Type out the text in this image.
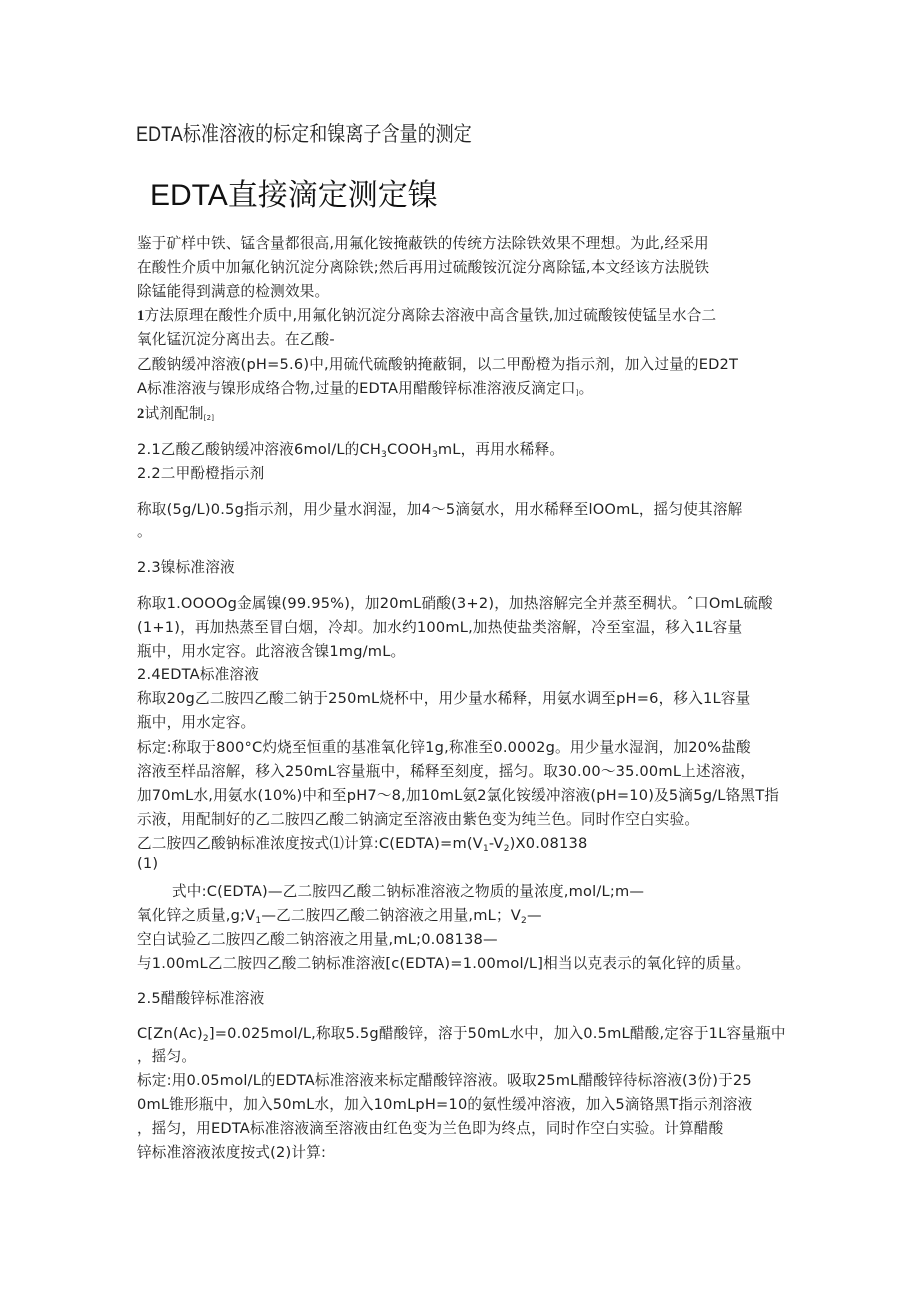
EDTA标准溶液的标定和镍离子含量的测定
EDTA直接滴定测定镍
鉴于矿样中铁、锰含量都很高,用氟化铵掩蔽铁的传统方法除铁效果不理想。为此,经采用
在酸性介质中加氟化钠沉淀分离除铁;然后再用过硫酸铵沉淀分离除锰,本文经该方法脱铁
除锰能得到满意的检测效果。
1方法原理在酸性介质中,用氟化钠沉淀分离除去溶液中高含量铁,加过硫酸铵使锰呈水合二
氧化锰沉淀分离出去。在乙酸-
乙酸钠缓冲溶液(pH=5.6)中,用硫代硫酸钠掩蔽铜，以二甲酚橙为指示剂，加入过量的ED2T
A标准溶液与镍形成络合物,过量的EDTA用醋酸锌标准溶液反滴定口]。
2试剂配制[2]
2.1乙酸乙酸钠缓冲溶液6mol/L的$CH_3COOH_3mL$，再用水稀释。
2.2二甲酚橙指示剂
称取(5g/L)0.5g指示剂，用少量水润湿，加4～5滴氨水，用水稀释至lOOmL，摇匀使其溶解
。
2.3镍标准溶液
称取1.OOOOg金属镍(99.95%)，加20mL硝酸(3+2)，加热溶解完全并蒸至稠状。ˆ口OmL硫酸
(1+1)，再加热蒸至冒白烟，冷却。加水约100mL,加热使盐类溶解，冷至室温，移入1L容量
瓶中，用水定容。此溶液含镍1mg/mL。
2.4EDTA标准溶液
称取20g乙二胺四乙酸二钠于250mL烧杯中，用少量水稀释，用氨水调至pH=6，移入1L容量
瓶中，用水定容。
标定:称取于800°C灼烧至恒重的基准氧化锌1g,称准至0.0002g。用少量水湿润，加20%盐酸
溶液至样品溶解，移入250mL容量瓶中，稀释至刻度，摇匀。取30.00～35.00mL上述溶液，
加70mL水,用氨水(10%)中和至pH7～8,加10mL氨2氯化铵缓冲溶液(pH=10)及5滴5g/L铬黑T指
示液，用配制好的乙二胺四乙酸二钠滴定至溶液由紫色变为纯兰色。同时作空白实验。
乙二胺四乙酸钠标准浓度按式⑴计算$:C(EDTA)=m(V_1-V_2)X0.08138$
(1)
式中:C(EDTA)—乙二胺四乙酸二钠标准溶液之物质的量浓度,mol/L;m—
氧化锌之质量$,g;V_1—$乙二胺四乙酸二钠溶液之用量,mL；$V_2—$
空白试验乙二胺四乙酸二钠溶液之用量,mL;0.08138—
与1.00mL乙二胺四乙酸二钠标准溶液[c(EDTA)=1.00mol/L]相当以克表示的氧化锌的质量。
2.5醋酸锌标准溶液
$C[Zn(Ac)_2]=0.025mol/L$,称取5.5g醋酸锌，溶于50mL水中，加入0.5mL醋酸,定容于1L容量瓶中
，摇匀。
标定:用0.05mol/L的EDTA标准溶液来标定醋酸锌溶液。吸取25mL醋酸锌待标溶液(3份)于25
0mL锥形瓶中，加入50mL水，加入10mLpH=10的氨性缓冲溶液，加入5滴铬黑T指示剂溶液
，摇匀，用EDTA标准溶液滴至溶液由红色变为兰色即为终点，同时作空白实验。计算醋酸
锌标准溶液浓度按式(2)计算:
